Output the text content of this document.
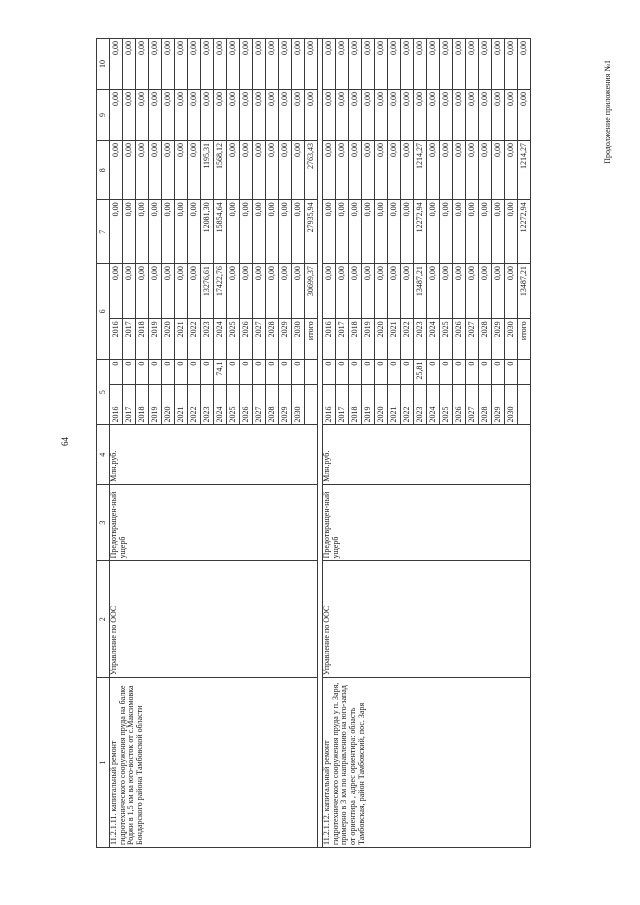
64
Продолжение приложения №1
1	2	3	4	5		6		7	8	9	10
11.2.1.11. капитальный ремонт гидротехнического сооружения пруда на балке Роджи в 1,5 км ва юго-восток от с.Максимовка Бондарского района Тамбовской области	Управление по ООС	Предотвращен-ный ущерб	Млн.руб.	2016	0	2016	0,00	0,00	0,00	0,00	0,00
				2017	0	2017	0,00	0,00	0,00	0,00	0,00
				2018	0	2018	0,00	0,00	0,00	0,00	0,00
				2019	0	2019	0,00	0,00	0,00	0,00	0,00
				2020	0	2020	0,00	0,00	0,00	0,00	0,00
				2021	0	2021	0,00	0,00	0,00	0,00	0,00
				2022	0	2022	0,00	0,00	0,00	0,00	0,00
				2023	0	2023	13276,61	12081,30	1195,31	0,00	0,00
				2024	74,1	2024	17422,76	15854,64	1568,12	0,00	0,00
				2025	0	2025	0,00	0,00	0,00	0,00	0,00
				2026	0	2026	0,00	0,00	0,00	0,00	0,00
				2027	0	2027	0,00	0,00	0,00	0,00	0,00
				2028	0	2028	0,00	0,00	0,00	0,00	0,00
				2029	0	2029	0,00	0,00	0,00	0,00	0,00
				2030	0	2030	0,00	0,00	0,00	0,00	0,00
						итого	30699,37	27935,94	2763,43	0,00	0,00

11.2.1.12. капитальный ремонт гидротехнического сооружения пруда у п. Заря, примерно в 3 км по направлению на юго-запад от ориентира , адрес ориентира: область Тамбовская, район Тамбовский, пос. Заря	Управление по ООС	Предотвращен-ный ущерб	Млн.руб.	2016	0	2016	0,00	0,00	0,00	0,00	0,00
				2017	0	2017	0,00	0,00	0,00	0,00	0,00
				2018	0	2018	0,00	0,00	0,00	0,00	0,00
				2019	0	2019	0,00	0,00	0,00	0,00	0,00
				2020	0	2020	0,00	0,00	0,00	0,00	0,00
				2021	0	2021	0,00	0,00	0,00	0,00	0,00
				2022	0	2022	0,00	0,00	0,00	0,00	0,00
				2023	25,81	2023	13487,21	12272,94	1214,27	0,00	0,00
				2024	0	2024	0,00	0,00	0,00	0,00	0,00
				2025	0	2025	0,00	0,00	0,00	0,00	0,00
				2026	0	2026	0,00	0,00	0,00	0,00	0,00
				2027	0	2027	0,00	0,00	0,00	0,00	0,00
				2028	0	2028	0,00	0,00	0,00	0,00	0,00
				2029	0	2029	0,00	0,00	0,00	0,00	0,00
				2030	0	2030	0,00	0,00	0,00	0,00	0,00
						итого	13487,21	12272,94	1214,27	0,00	0,00
